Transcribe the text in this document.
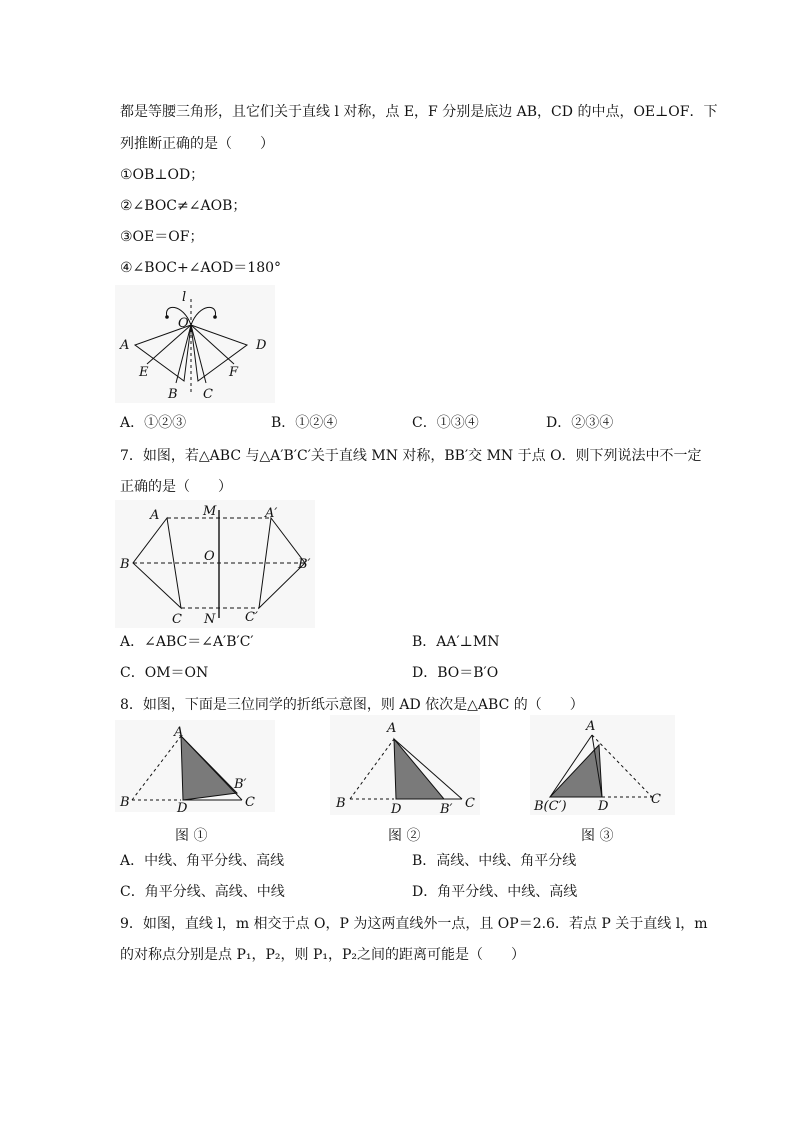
都是等腰三角形，且它们关于直线 l 对称，点 E，F 分别是底边 AB，CD 的中点，OE⊥OF．下
列推断正确的是（　　）
①OB⊥OD；
②∠BOC≠∠AOB；
③OE＝OF；
④∠BOC+∠AOD＝180°
l
O
A	D
E	F
B C
A．①②③	B．①②④	C．①③④	D．②③④
7．如图，若△ABC 与△A′B′C′关于直线 MN 对称，BB′交 MN 于点 O．则下列说法中不一定
正确的是（　　）
A	M	A′
B
O
B′
C N C′
A．∠ABC＝∠A′B′C′	B．AA′⊥MN
C．OM＝ON	D．BO＝B′O
8．如图，下面是三位同学的折纸示意图，则 AD 依次是△ABC 的（　　）
A
B′
B	D	C
图 ①
A
B	D	B′ C
图 ②
A
B(C′) D	C
图 ③
A．中线、角平分线、高线	B．高线、中线、角平分线
C．角平分线、高线、中线	D．角平分线、中线、高线
9．如图，直线 l，m 相交于点 O，P 为这两直线外一点，且 OP＝2.6．若点 P 关于直线 l，m
的对称点分别是点 P₁，P₂，则 P₁，P₂之间的距离可能是（　　）
